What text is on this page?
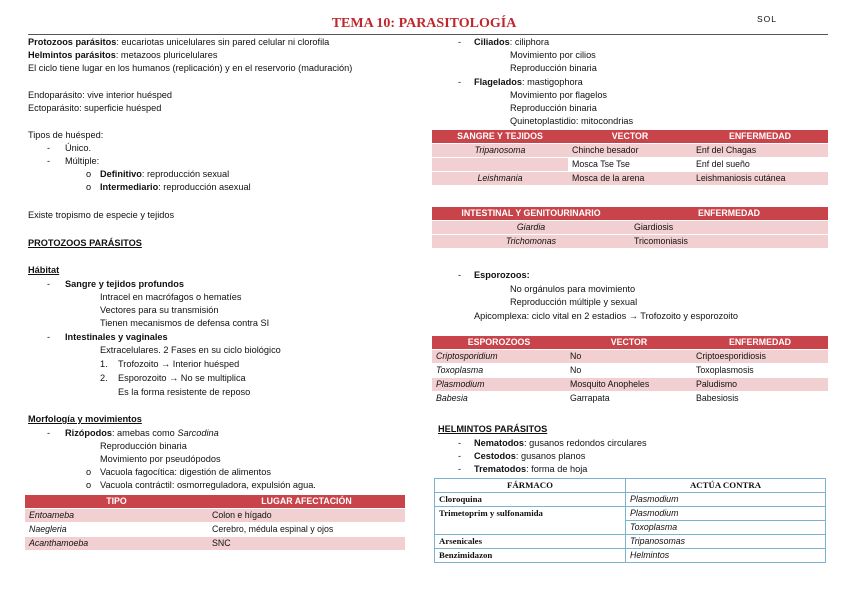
TEMA 10: PARASITOLOGÍA	SOL
Protozoos parásitos: eucariotas unicelulares sin pared celular ni clorofila
Helmintos parásitos: metazoos pluricelulares
El ciclo tiene lugar en los humanos (replicación) y en el reservorio (maduración)
Endoparásito: vive interior huésped
Ectoparásito: superficie huésped
Tipos de huésped:
- Único.
- Múltiple:
o Definitivo: reproducción sexual
o Intermediario: reproducción asexual
Existe tropismo de especie y tejidos
PROTOZOOS PARÁSITOS
Hábitat
- Sangre y tejidos profundos
Intracel en macrófagos o hematíes
Vectores para su transmisión
Tienen mecanismos de defensa contra SI
- Intestinales y vaginales
Extracelulares. 2 Fases en su ciclo biológico
1. Trofozoito → Interior huésped
2. Esporozoito → No se multiplica
Es la forma resistente de reposo
Morfología y movimientos
- Rizópodos: amebas como Sarcodina
Reproducción binaria
Movimiento por pseudópodos
o Vacuola fagocítica: digestión de alimentos
o Vacuola contráctil: osmorreguladora, expulsión agua.
TIPO	LUGAR AFECTACIÓN
Entoameba	Colon e hígado
Naegleria	Cerebro, médula espinal y ojos
Acanthamoeba	SNC
- Ciliados: ciliphora
Movimiento por cilios
Reproducción binaria
- Flagelados: mastigophora
Movimiento por flagelos
Reproducción binaria
Quinetoplastidio: mitocondrias
SANGRE Y TEJIDOS	VECTOR	ENFERMEDAD
Tripanosoma	Chinche besador	Enf del Chagas
	Mosca Tse Tse	Enf del sueño
Leishmania	Mosca de la arena	Leishmaniosis cutánea
INTESTINAL Y GENITOURINARIO	ENFERMEDAD
Giardia	Giardiosis
Trichomonas	Tricomoniasis
- Esporozoos:
No orgánulos para movimiento
Reproducción múltiple y sexual
Apicomplexa: ciclo vital en 2 estadios → Trofozoito y esporozoito
ESPOROZOOS	VECTOR	ENFERMEDAD
Criptosporidium	No	Criptoesporidiosis
Toxoplasma	No	Toxoplasmosis
Plasmodium	Mosquito Anopheles	Paludismo
Babesia	Garrapata	Babesiosis
HELMINTOS PARÁSITOS
- Nematodos: gusanos redondos circulares
- Cestodos: gusanos planos
- Trematodos: forma de hoja
FÁRMACO	ACTÚA CONTRA
Cloroquina	Plasmodium
Trimetoprim y sulfonamida	Plasmodium
	Toxoplasma
Arsenicales	Tripanosomas
Benzimidazon	Helmintos
